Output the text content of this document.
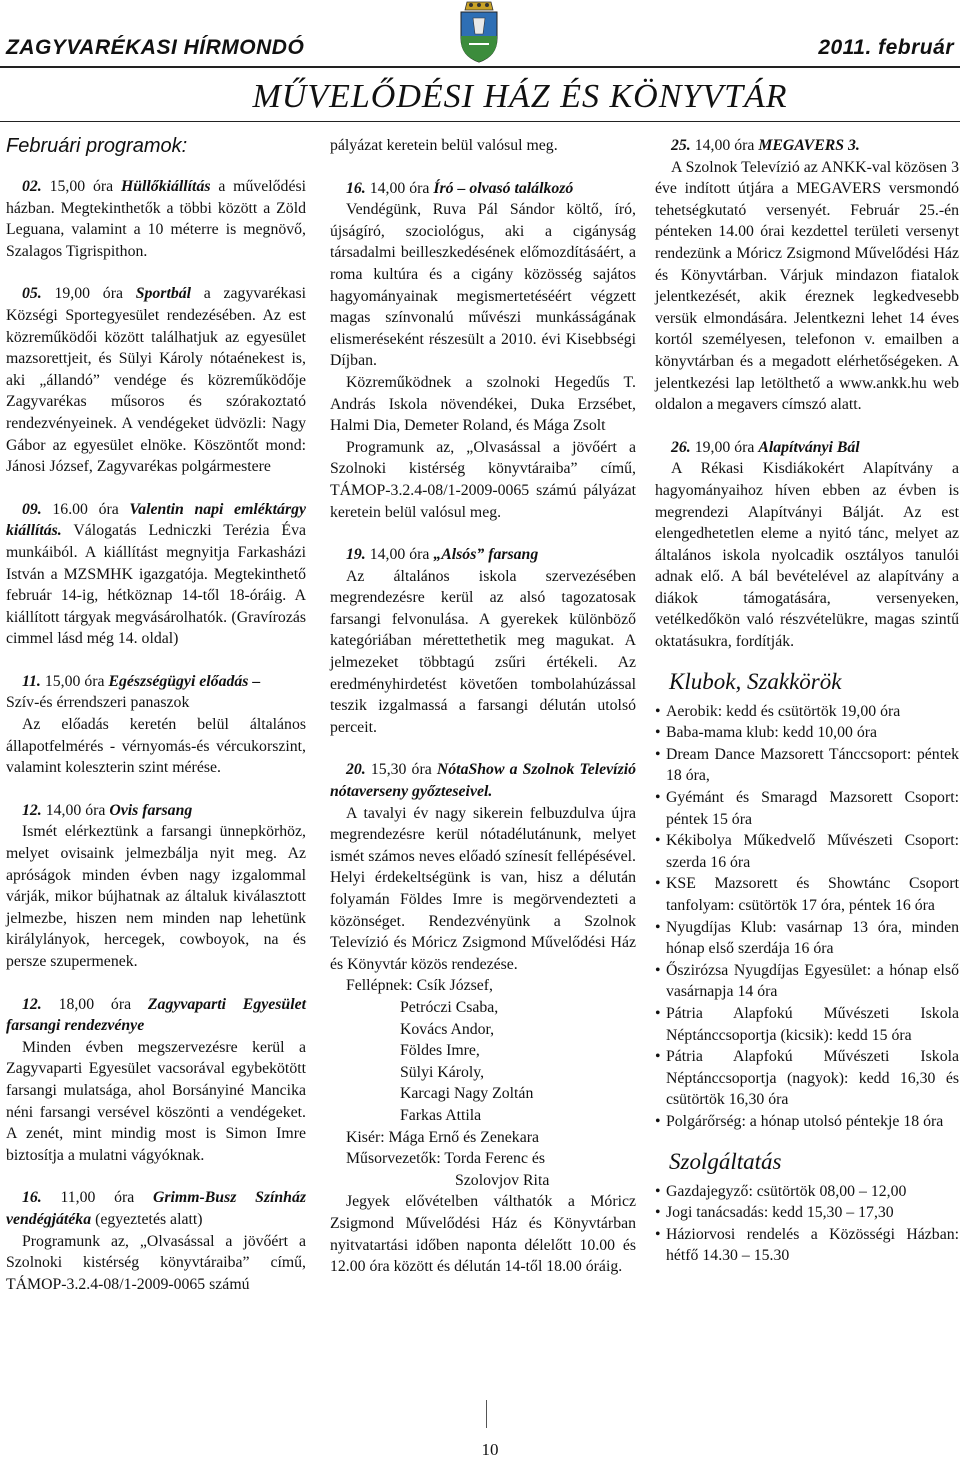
ZAGYVARÉKASI HÍRMONDÓ	2011. február
MŰVELŐDÉSI HÁZ ÉS KÖNYVTÁR

Februári programok:

02. 15,00 óra Hüllőkiállítás a művelődési házban. Megtekinthetők a többi között a Zöld Leguana, valamint a 10 méterre is megnövő, Szalagos Tigrispithon.

05. 19,00 óra Sportbál a zagyvarékasi Községi Sportegyesület rendezésében. Az est közreműködői között találhatjuk az egyesület mazsorettjeit, és Sülyi Károly nótaénekest is, aki „állandó” vendége és közreműködője Zagyvarékas műsoros és szórakoztató rendezvényeinek. A vendégeket üdvözli: Nagy Gábor az egyesület elnöke. Köszöntőt mond: Jánosi József, Zagyvarékas polgármestere

09. 16.00 óra Valentin napi emléktárgy kiállítás. Válogatás Ledniczki Terézia Éva munkáiból. A kiállítást megnyitja Farkasházi István a MZSMHK igazgatója. Megtekinthető február 14-ig, hétköznap 14-től 18-óráig. A kiállított tárgyak megvásárolhatók. (Gravírozás cimmel lásd még 14. oldal)

11. 15,00 óra Egészségügyi előadás –

Szív-és érrendszeri panaszok

Az előadás keretén belül általános állapotfelmérés - vérnyomás-és vércukorszint, valamint koleszterin szint mérése.

12. 14,00 óra Ovis farsang

Ismét elérkeztünk a farsangi ünnepkörhöz, melyet ovisaink jelmezbálja nyit meg. Az apróságok minden évben nagy izgalommal várják, mikor bújhatnak az általuk kiválasztott jelmezbe, hiszen nem minden nap lehetünk királylányok, hercegek, cowboyok, na és persze szupermenek.

12. 18,00 óra Zagyvaparti Egyesület farsangi rendezvénye

Minden évben megszervezésre kerül a Zagyvaparti Egyesület vacsorával egybekötött farsangi mulatsága, ahol Borsányiné Mancika néni farsangi versével köszönti a vendégeket. A zenét, mint mindig most is Simon Imre biztosítja a mulatni vágyóknak.

16. 11,00 óra Grimm-Busz Színház vendégjátéka (egyeztetés alatt)

Programunk az, „Olvasással a jövőért a Szolnoki kistérség könyvtáraiba” című, TÁMOP-3.2.4-08/1-2009-0065 számú

pályázat keretein belül valósul meg.

16. 14,00 óra Író – olvasó találkozó

Vendégünk, Ruva Pál Sándor költő, író, újságíró, szociológus, aki a cigányság társadalmi beilleszkedésének előmozdításáért, a roma kultúra és a cigány közösség sajátos hagyományainak megismertetéséért végzett magas színvonalú művészi munkásságának elismeréseként részesült a 2010. évi Kisebbségi Díjban.

Közreműködnek a szolnoki Hegedűs T. András Iskola növendékei, Duka Erzsébet, Halmi Dia, Demeter Roland, és Mága Zsolt

Programunk az, „Olvasással a jövőért a Szolnoki kistérség könyvtáraiba” című, TÁMOP-3.2.4-08/1-2009-0065 számú pályázat keretein belül valósul meg.

19. 14,00 óra „Alsós” farsang

Az általános iskola szervezésében megrendezésre kerül az alsó tagozatosak farsangi felvonulása. A gyerekek különböző kategóriában mérettethetik meg magukat. A jelmezeket többtagú zsűri értékeli. Az eredményhirdetést követően tombolahúzással teszik izgalmassá a farsangi délután utolsó perceit.

20. 15,30 óra NótaShow a Szolnok Televízió nótaverseny győzteseivel.

A tavalyi év nagy sikerein felbuzdulva újra megrendezésre kerül nótadélutánunk, melyet ismét számos neves előadó színesít fellépésével. Helyi érdekeltségünk is van, hisz a délután folyamán Földes Imre is megörvendezteti a közönséget. Rendezvényünk a Szolnok Televízió és Móricz Zsigmond Művelődési Ház és Könyvtár közös rendezése.

Fellépnek: Csík József,

Petróczi Csaba,

Kovács Andor,

Földes Imre,

Sülyi Károly,

Karcagi Nagy Zoltán

Farkas Attila

Kisér: Mága Ernő és Zenekara

Műsorvezetők: Torda Ferenc és

Szolovjov Rita

Jegyek elővételben válthatók a Móricz Zsigmond Művelődési Ház és Könyvtárban nyitvatartási időben naponta délelőtt 10.00 és 12.00 óra között és délután 14-től 18.00 óráig.

25. 14,00 óra MEGAVERS 3.

A Szolnok Televízió az ANKK-val közösen 3 éve indított útjára a MEGAVERS versmondó tehetségkutató versenyét. Február 25.-én pénteken 14.00 órai kezdettel területi versenyt rendezünk a Móricz Zsigmond Művelődési Ház és Könyvtárban. Várjuk mindazon fiatalok jelentkezését, akik éreznek legkedvesebb versük elmondására. Jelentkezni lehet 14 éves kortól személyesen, telefonon v. emailben a könyvtárban és a megadott elérhetőségeken. A jelentkezési lap letölthető a www.ankk.hu web oldalon a megavers címszó alatt.

26. 19,00 óra Alapítványi Bál

A Rékasi Kisdiákokért Alapítvány a hagyományaihoz híven ebben az évben is megrendezi Alapítványi Bálját. Az est elengedhetetlen eleme a nyitó tánc, melyet az általános iskola nyolcadik osztályos tanulói adnak elő. A bál bevételével az alapítvány a diákok támogatására, versenyeken, vetélkedőkön való részvételükre, magas szintű oktatásukra, fordítják.

Klubok, Szakkörök

• Aerobik: kedd és csütörtök 19,00 óra
• Baba-mama klub: kedd 10,00 óra
• Dream Dance Mazsorett Tánccsoport: péntek 18 óra,
• Gyémánt és Smaragd Mazsorett Csoport: péntek 15 óra
• Kékibolya Műkedvelő Művészeti Csoport: szerda 16 óra
• KSE Mazsorett és Showtánc Csoport tanfolyam: csütörtök 17 óra, péntek 16 óra
• Nyugdíjas Klub: vasárnap 13 óra, minden hónap első szerdája 16 óra
• Őszirózsa Nyugdíjas Egyesület: a hónap első vasárnapja 14 óra
• Pátria Alapfokú Művészeti Iskola Néptánccsoportja (kicsik): kedd 15 óra
• Pátria Alapfokú Művészeti Iskola Néptánccsoportja (nagyok): kedd 16,30 és csütörtök 16,30 óra
• Polgárőrség: a hónap utolsó péntekje 18 óra

Szolgáltatás

• Gazdajegyző: csütörtök 08,00 – 12,00
• Jogi tanácsadás: kedd 15,30 – 17,30
• Háziorvosi rendelés a Közösségi Házban: hétfő 14.30 – 15.30
10
